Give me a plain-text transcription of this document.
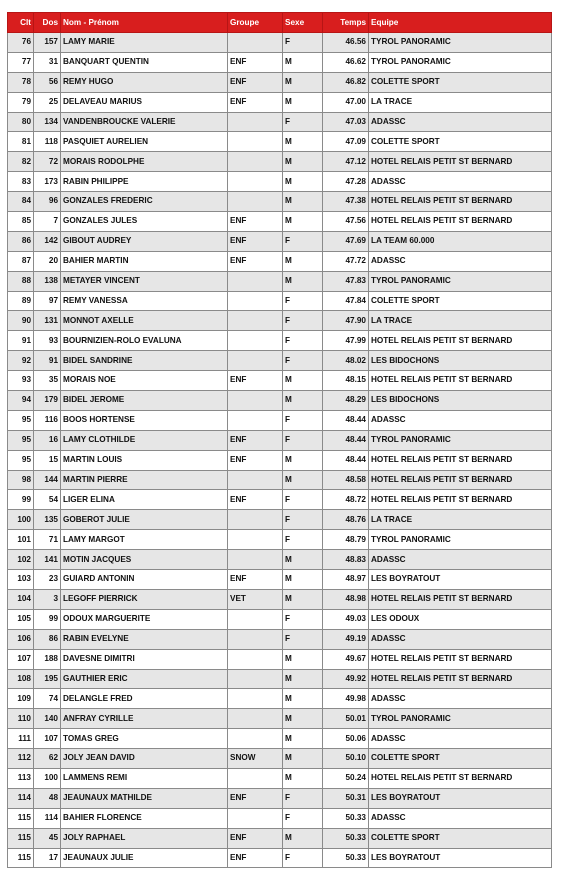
Clt	Dos	Nom - Prénom	Groupe	Sexe	Temps	Equipe
76	157	LAMY MARIE		F	46.56	TYROL PANORAMIC
77	31	BANQUART QUENTIN	ENF	M	46.62	TYROL PANORAMIC
78	56	REMY HUGO	ENF	M	46.82	COLETTE SPORT
79	25	DELAVEAU MARIUS	ENF	M	47.00	LA TRACE
80	134	VANDENBROUCKE VALERIE		F	47.03	ADASSC
81	118	PASQUIET AURELIEN		M	47.09	COLETTE SPORT
82	72	MORAIS RODOLPHE		M	47.12	HOTEL RELAIS PETIT ST BERNARD
83	173	RABIN PHILIPPE		M	47.28	ADASSC
84	96	GONZALES FREDERIC		M	47.38	HOTEL RELAIS PETIT ST BERNARD
85	7	GONZALES JULES	ENF	M	47.56	HOTEL RELAIS PETIT ST BERNARD
86	142	GIBOUT AUDREY	ENF	F	47.69	LA TEAM 60.000
87	20	BAHIER MARTIN	ENF	M	47.72	ADASSC
88	138	METAYER VINCENT		M	47.83	TYROL PANORAMIC
89	97	REMY VANESSA		F	47.84	COLETTE SPORT
90	131	MONNOT AXELLE		F	47.90	LA TRACE
91	93	BOURNIZIEN-ROLO EVALUNA		F	47.99	HOTEL RELAIS PETIT ST BERNARD
92	91	BIDEL SANDRINE		F	48.02	LES BIDOCHONS
93	35	MORAIS NOE	ENF	M	48.15	HOTEL RELAIS PETIT ST BERNARD
94	179	BIDEL JEROME		M	48.29	LES BIDOCHONS
95	116	BOOS HORTENSE		F	48.44	ADASSC
95	16	LAMY CLOTHILDE	ENF	F	48.44	TYROL PANORAMIC
95	15	MARTIN LOUIS	ENF	M	48.44	HOTEL RELAIS PETIT ST BERNARD
98	144	MARTIN PIERRE		M	48.58	HOTEL RELAIS PETIT ST BERNARD
99	54	LIGER ELINA	ENF	F	48.72	HOTEL RELAIS PETIT ST BERNARD
100	135	GOBEROT JULIE		F	48.76	LA TRACE
101	71	LAMY MARGOT		F	48.79	TYROL PANORAMIC
102	141	MOTIN JACQUES		M	48.83	ADASSC
103	23	GUIARD ANTONIN	ENF	M	48.97	LES BOYRATOUT
104	3	LEGOFF PIERRICK	VET	M	48.98	HOTEL RELAIS PETIT ST BERNARD
105	99	ODOUX MARGUERITE		F	49.03	LES ODOUX
106	86	RABIN EVELYNE		F	49.19	ADASSC
107	188	DAVESNE DIMITRI		M	49.67	HOTEL RELAIS PETIT ST BERNARD
108	195	GAUTHIER ERIC		M	49.92	HOTEL RELAIS PETIT ST BERNARD
109	74	DELANGLE FRED		M	49.98	ADASSC
110	140	ANFRAY CYRILLE		M	50.01	TYROL PANORAMIC
111	107	TOMAS GREG		M	50.06	ADASSC
112	62	JOLY JEAN DAVID	SNOW	M	50.10	COLETTE SPORT
113	100	LAMMENS REMI		M	50.24	HOTEL RELAIS PETIT ST BERNARD
114	48	JEAUNAUX MATHILDE	ENF	F	50.31	LES BOYRATOUT
115	114	BAHIER FLORENCE		F	50.33	ADASSC
115	45	JOLY RAPHAEL	ENF	M	50.33	COLETTE SPORT
115	17	JEAUNAUX JULIE	ENF	F	50.33	LES BOYRATOUT
